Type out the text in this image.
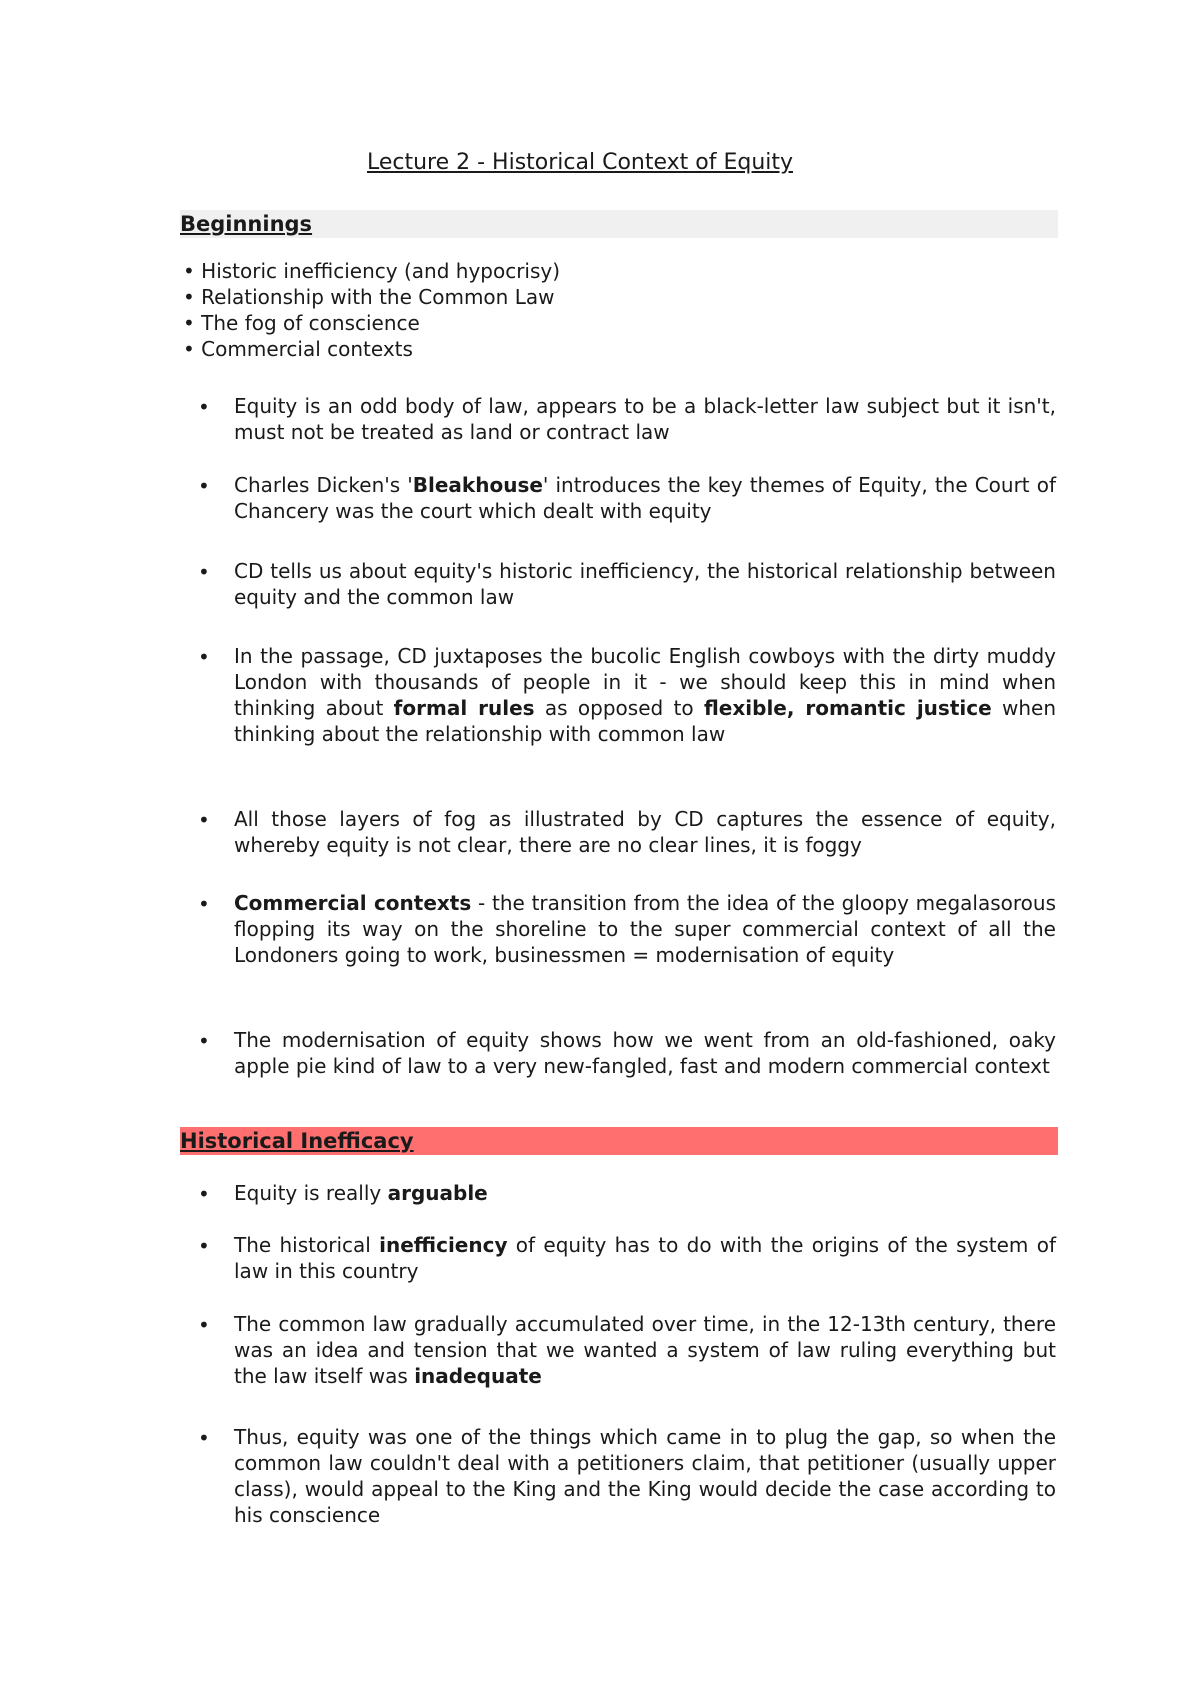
Lecture 2 - Historical Context of Equity
Beginnings
• Historic inefficiency (and hypocrisy)
• Relationship with the Common Law
• The fog of conscience
• Commercial contexts
• Equity is an odd body of law, appears to be a black-letter law subject but it isn't, must not be treated as land or contract law
• Charles Dicken's 'Bleakhouse' introduces the key themes of Equity, the Court of Chancery was the court which dealt with equity
• CD tells us about equity's historic inefficiency, the historical relationship between equity and the common law
• In the passage, CD juxtaposes the bucolic English cowboys with the dirty muddy London with thousands of people in it - we should keep this in mind when thinking about formal rules as opposed to flexible, romantic justice when thinking about the relationship with common law
• All those layers of fog as illustrated by CD captures the essence of equity, whereby equity is not clear, there are no clear lines, it is foggy
• Commercial contexts - the transition from the idea of the gloopy megalasorous flopping its way on the shoreline to the super commercial context of all the Londoners going to work, businessmen = modernisation of equity
• The modernisation of equity shows how we went from an old-fashioned, oaky apple pie kind of law to a very new-fangled, fast and modern commercial context
Historical Inefficacy
• Equity is really arguable
• The historical inefficiency of equity has to do with the origins of the system of law in this country
• The common law gradually accumulated over time, in the 12-13th century, there was an idea and tension that we wanted a system of law ruling everything but the law itself was inadequate
• Thus, equity was one of the things which came in to plug the gap, so when the common law couldn't deal with a petitioners claim, that petitioner (usually upper class), would appeal to the King and the King would decide the case according to his conscience
